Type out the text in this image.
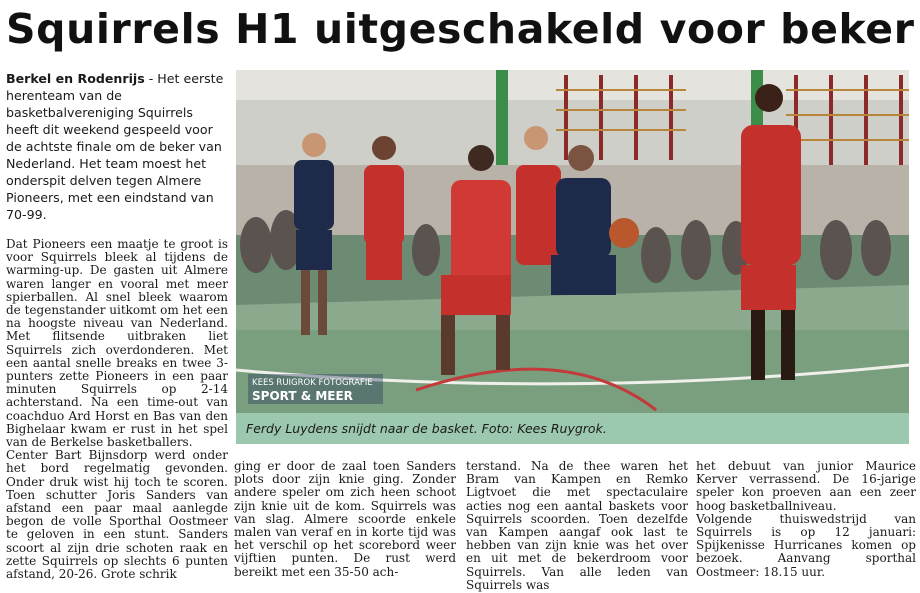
Squirrels H1 uitgeschakeld voor beker
Berkel en Rodenrijs - Het eerste herenteam van de basketbalvereniging Squirrels heeft dit weekend gespeeld voor de achtste finale om de beker van Nederland. Het team moest het onderspit delven tegen Almere Pioneers, met een eindstand van 70-99.
KEES RUIGROK FOTOGRAFIE
SPORT & MEER
Ferdy Luydens snijdt naar de basket. Foto: Kees Ruygrok.

Dat Pioneers een maatje te groot is voor Squirrels bleek al tijdens de warming-up. De gasten uit Almere waren langer en vooral met meer spierballen. Al snel bleek waarom de tegenstander uitkomt om het een na hoogste niveau van Nederland. Met flitsende uitbraken liet Squirrels zich overdonderen. Met een aantal snelle breaks en twee 3-punters zette Pioneers in een paar minuten Squirrels op 2-14 achterstand. Na een time-out van coachduo Ard Horst en Bas van den Bighelaar kwam er rust in het spel van de Berkelse basketballers.

Center Bart Bijnsdorp werd onder het bord regelmatig gevonden. Onder druk wist hij toch te scoren. Toen schutter Joris Sanders van afstand een paar maal aanlegde begon de volle Sporthal Oostmeer te geloven in een stunt. Sanders scoort al zijn drie schoten raak en zette Squirrels op slechts 6 punten afstand, 20-26. Grote schrik

ging er door de zaal toen Sanders plots door zijn knie ging. Zonder andere speler om zich heen schoot zijn knie uit de kom. Squirrels was van slag. Almere scoorde enkele malen van veraf en in korte tijd was het verschil op het scorebord weer vijftien punten. De rust werd bereikt met een 35-50 ach-
terstand. Na de thee waren het Bram van Kampen en Remko Ligtvoet die met spectaculaire acties nog een aantal baskets voor Squirrels scoorden. Toen dezelfde van Kampen aangaf ook last te hebben van zijn knie was het over en uit met de bekerdroom voor Squirrels. Van alle leden van Squirrels was
het debuut van junior Maurice Kerver verrassend. De 16-jarige speler kon proeven aan een zeer hoog basketballniveau.
Volgende thuiswedstrijd van Squirrels is op 12 januari: Spijkenisse Hurricanes komen op bezoek. Aanvang sporthal Oostmeer: 18.15 uur.
